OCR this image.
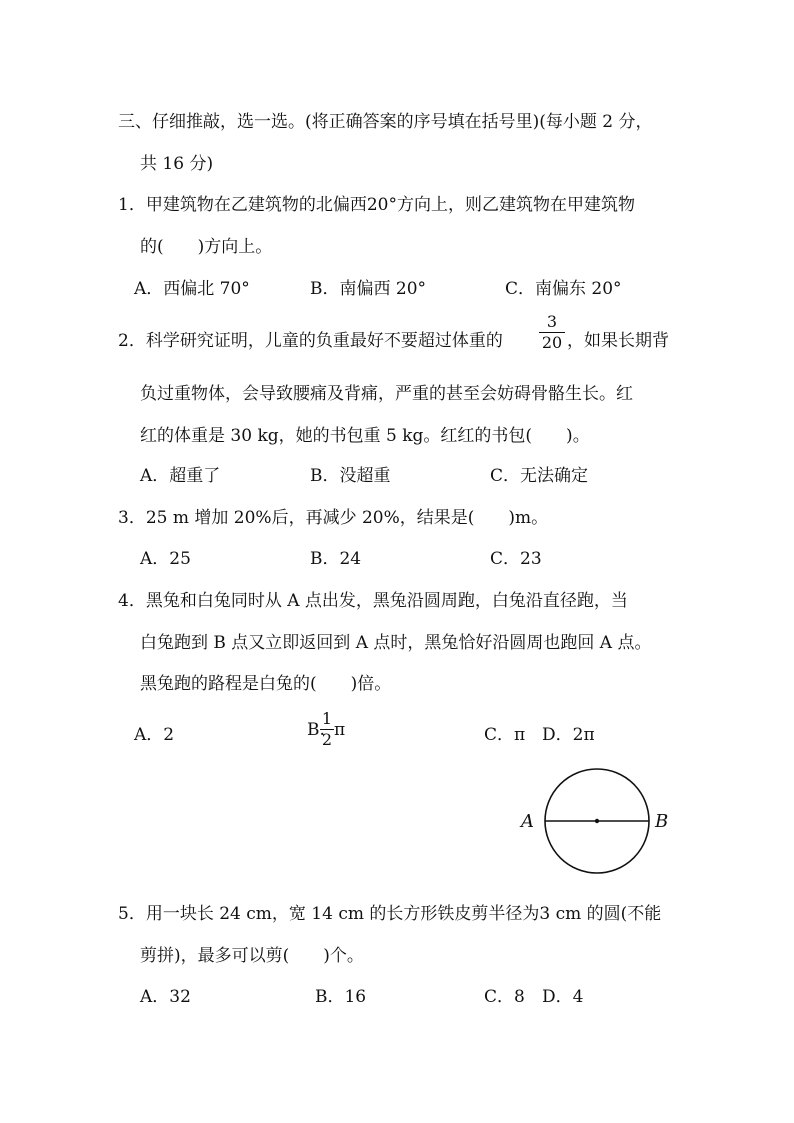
三、仔细推敲，选一选。(将正确答案的序号填在括号里)(每小题 2 分，
共 16 分)
1．甲建筑物在乙建筑物的北偏西20°方向上，则乙建筑物在甲建筑物
的(　　)方向上。
A．西偏北 70°	B．南偏西 20°	C．南偏东 20°
2．科学研究证明，儿童的负重最好不要超过体重的
3
20 ，如果长期背
负过重物体，会导致腰痛及背痛，严重的甚至会妨碍骨骼生长。红
红的体重是 30 kg，她的书包重 5 kg。红红的书包(　　)。
A．超重了	B．没超重	C．无法确定
3．25 m 增加 20%后，再减少 20%，结果是(　　)m。
A．25	B．24	C．23
4．黑兔和白兔同时从 A 点出发，黑兔沿圆周跑，白兔沿直径跑，当
白兔跑到 B 点又立即返回到 A 点时，黑兔恰好沿圆周也跑回 A 点。
黑兔跑的路程是白兔的(　　)倍。
A．2	B.
1
2 π	C．π D．2π
A	B
5．用一块长 24 cm，宽 14 cm 的长方形铁皮剪半径为3 cm 的圆(不能
剪拼)，最多可以剪(　　)个。
A．32	B．16	C．8 D．4
